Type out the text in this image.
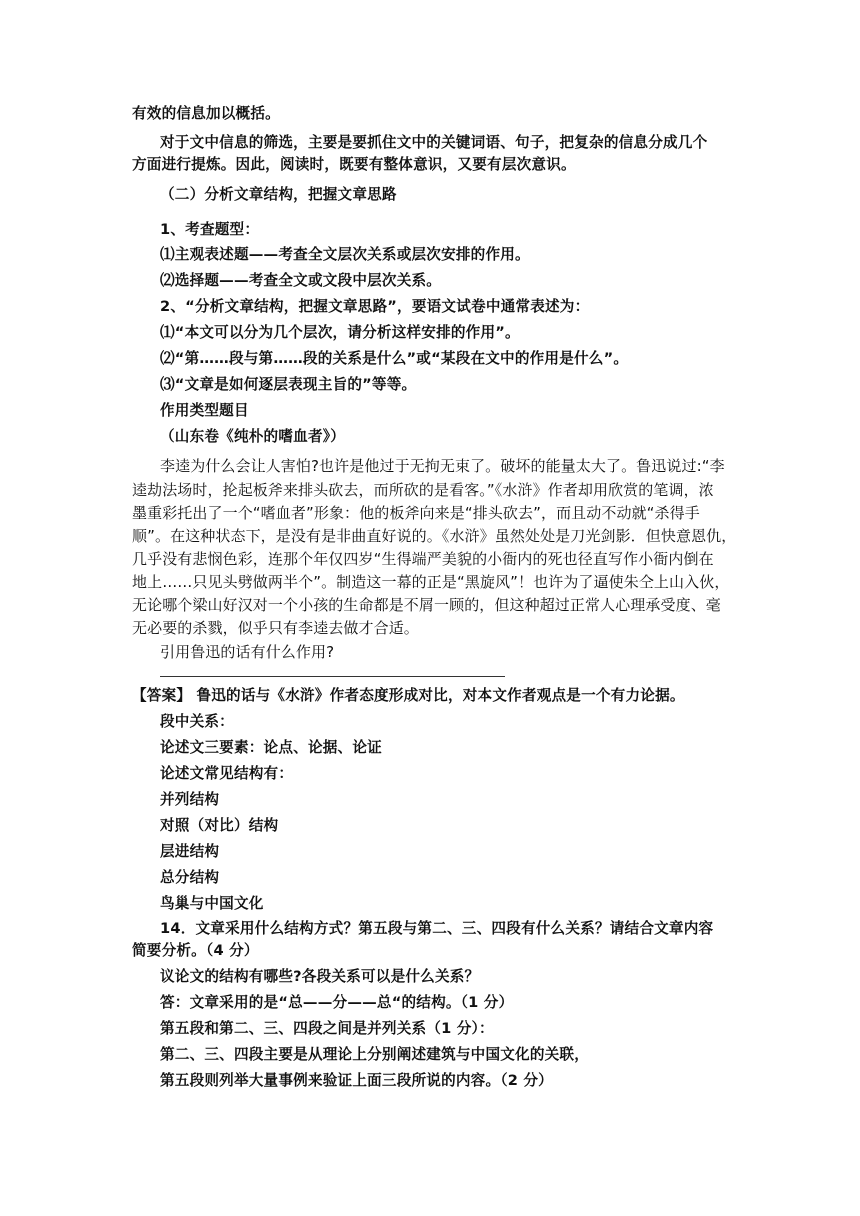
有效的信息加以概括。
对于文中信息的筛选，主要是要抓住文中的关键词语、句子，把复杂的信息分成几个
方面进行提炼。因此，阅读时，既要有整体意识，又要有层次意识。
（二）分析文章结构，把握文章思路
1、考查题型：
⑴主观表述题——考查全文层次关系或层次安排的作用。
⑵选择题——考查全文或文段中层次关系。
2、“分析文章结构，把握文章思路”，要语文试卷中通常表述为：
⑴“本文可以分为几个层次，请分析这样安排的作用”。
⑵“第……段与第……段的关系是什么”或“某段在文中的作用是什么”。
⑶“文章是如何逐层表现主旨的”等等。
作用类型题目
（山东卷《纯朴的嗜血者》）
李逵为什么会让人害怕?也许是他过于无拘无束了。破坏的能量太大了。鲁迅说过:“李
逵劫法场时，抡起板斧来排头砍去，而所砍的是看客。”《水浒》作者却用欣赏的笔调，浓
墨重彩托出了一个“嗜血者”形象：他的板斧向来是“排头砍去”，而且动不动就“杀得手
顺”。在这种状态下，是没有是非曲直好说的。《水浒》虽然处处是刀光剑影．但快意恩仇，
几乎没有悲悯色彩，连那个年仅四岁“生得端严美貌的小衙内的死也径直写作小衙内倒在
地上……只见头劈做两半个”。制造这一幕的正是“黑旋风”！也许为了逼使朱仝上山入伙，
无论哪个梁山好汉对一个小孩的生命都是不屑一顾的，但这种超过正常人心理承受度、毫
无必要的杀戮，似乎只有李逵去做才合适。
引用鲁迅的话有什么作用?
【答案】 鲁迅的话与《水浒》作者态度形成对比，对本文作者观点是一个有力论据。
段中关系：
论述文三要素：论点、论据、论证
论述文常见结构有：
并列结构
对照（对比）结构
层进结构
总分结构
鸟巢与中国文化
14．文章采用什么结构方式？第五段与第二、三、四段有什么关系？请结合文章内容
简要分析。（4 分）
议论文的结构有哪些?各段关系可以是什么关系？
答：文章采用的是“总——分——总“的结构。（1 分）
第五段和第二、三、四段之间是并列关系（1 分）：
第二、三、四段主要是从理论上分别阐述建筑与中国文化的关联，
第五段则列举大量事例来验证上面三段所说的内容。（2 分）
